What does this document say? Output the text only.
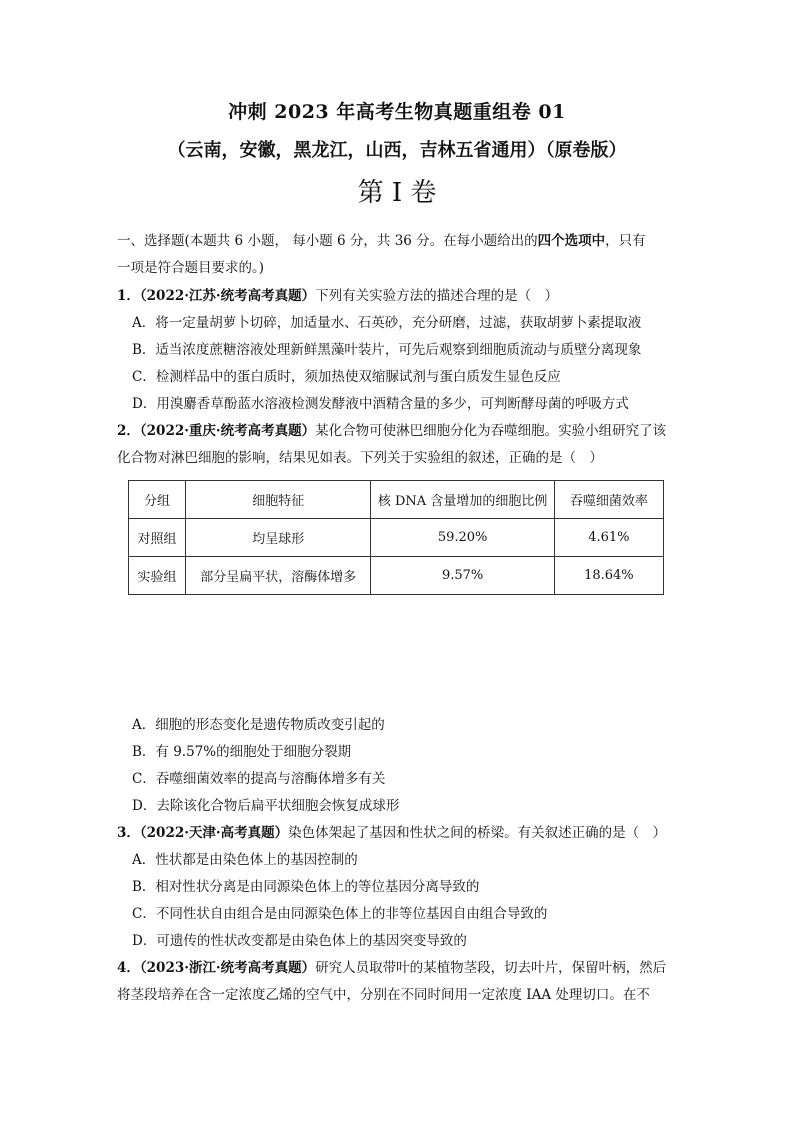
冲刺 2023 年高考生物真题重组卷 01
（云南，安徽，黑龙江，山西，吉林五省通用）（原卷版）
第 I 卷
一、选择题(本题共 6 小题， 每小题 6 分，共 36 分。在每小题给出的四个选项中，只有
一项是符合题目要求的。)
1．（2022·江苏·统考高考真题）下列有关实验方法的描述合理的是（　）
A．将一定量胡萝卜切碎，加适量水、石英砂，充分研磨，过滤，获取胡萝卜素提取液
B．适当浓度蔗糖溶液处理新鲜黑藻叶装片，可先后观察到细胞质流动与质壁分离现象
C．检测样品中的蛋白质时，须加热使双缩脲试剂与蛋白质发生显色反应
D．用溴麝香草酚蓝水溶液检测发酵液中酒精含量的多少，可判断酵母菌的呼吸方式
2．（2022·重庆·统考高考真题）某化合物可使淋巴细胞分化为吞噬细胞。实验小组研究了该
化合物对淋巴细胞的影响，结果见如表。下列关于实验组的叙述，正确的是（　）
分组	细胞特征	核 DNA 含量增加的细胞比例	吞噬细菌效率
对照组	均呈球形	59.20%	4.61%
实验组	部分呈扁平状，溶酶体增多	9.57%	18.64%
A．细胞的形态变化是遗传物质改变引起的
B．有 9.57%的细胞处于细胞分裂期
C．吞噬细菌效率的提高与溶酶体增多有关
D．去除该化合物后扁平状细胞会恢复成球形
3．（2022·天津·高考真题）染色体架起了基因和性状之间的桥梁。有关叙述正确的是（　）
A．性状都是由染色体上的基因控制的
B．相对性状分离是由同源染色体上的等位基因分离导致的
C．不同性状自由组合是由同源染色体上的非等位基因自由组合导致的
D．可遗传的性状改变都是由染色体上的基因突变导致的
4．（2023·浙江·统考高考真题）研究人员取带叶的某植物茎段，切去叶片，保留叶柄，然后
将茎段培养在含一定浓度乙烯的空气中，分别在不同时间用一定浓度 IAA 处理切口。在不
